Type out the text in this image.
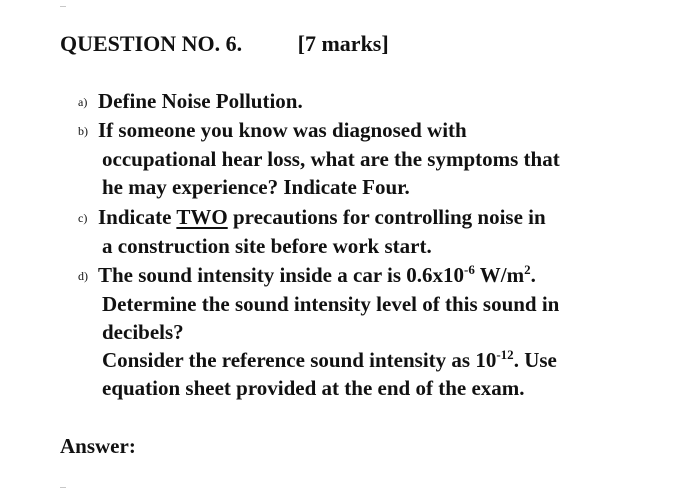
QUESTION NO. 6.	[7 marks]
a) Define Noise Pollution.
b) If someone you know was diagnosed with
occupational hear loss, what are the symptoms that
he may experience? Indicate Four.
c) Indicate TWO precautions for controlling noise in
a construction site before work start.
d) The sound intensity inside a car is $0.6x10^{-6}$ $W/m^2$.
Determine the sound intensity level of this sound in
decibels?
Consider the reference sound intensity as $10^{-12}$. Use
equation sheet provided at the end of the exam.
Answer:
